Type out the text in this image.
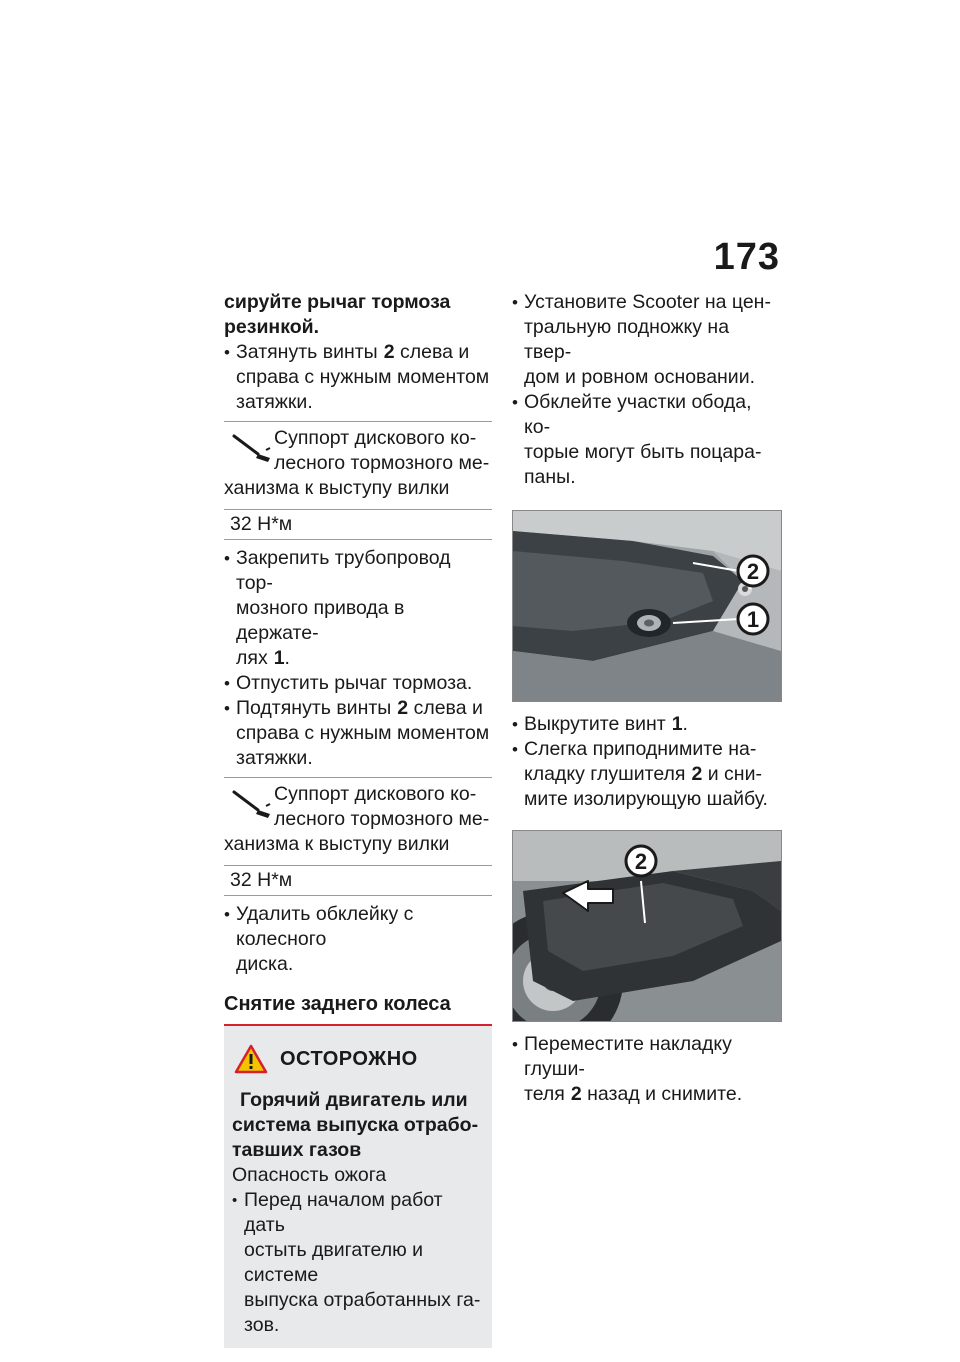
173

сируйте рычаг тормоза

резинкой.

• Затянуть винты 2 слева и
справа с нужным моментом
затяжки.
Суппорт дискового ко-
лесного тормозного ме-
ханизма к выступу вилки
32 Н*м
• Закрепить трубопровод тор-
мозного привода в держате-
лях 1.
• Отпустить рычаг тормоза.
• Подтянуть винты 2 слева и
справа с нужным моментом
затяжки.
Суппорт дискового ко-
лесного тормозного ме-
ханизма к выступу вилки
32 Н*м
• Удалить обклейку с колесного
диска.
Снятие заднего колеса
ОСТОРОЖНО

Горячий двигатель или

система выпуска отрабо-

тавших газов

Опасность ожога

• Перед началом работ дать
остыть двигателю и системе
выпуска отработанных га-
зов.
• Установите Scooter на цен-
тральную подножку на твер-
дом и ровном основании.
• Обклейте участки обода, ко-
торые могут быть поцара-
паны.
2
1
• Выкрутите винт 1.
• Слегка приподнимите на-
кладку глушителя 2 и сни-
мите изолирующую шайбу.
2
• Переместите накладку глуши-
теля 2 назад и снимите.
